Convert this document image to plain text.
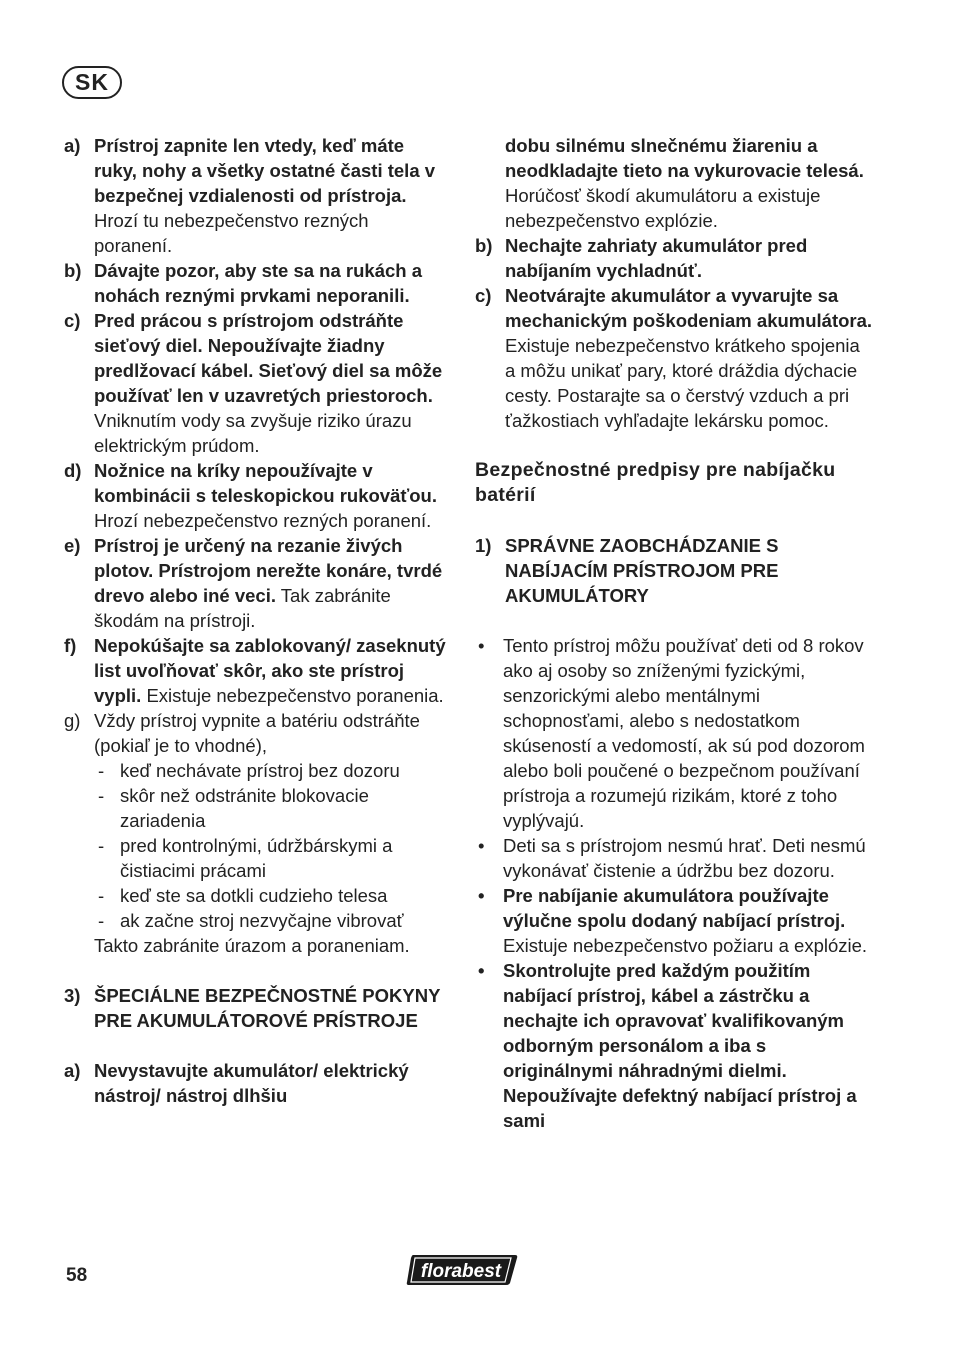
SK
a) Prístroj zapnite len vtedy, keď máte ruky, nohy a všetky ostatné časti tela v bezpečnej vzdialenosti od prístroja. Hrozí tu nebezpečenstvo rezných poranení.
b) Dávajte pozor, aby ste sa na rukách a nohách reznými prvkami neporanili.
c) Pred prácou s prístrojom odstráňte sieťový diel. Nepoužívajte žiadny predlžovací kábel. Sieťový diel sa môže používať len v uzavretých priestoroch. Vniknutím vody sa zvyšuje riziko úrazu elektrickým prúdom.
d) Nožnice na kríky nepoužívajte v kombinácii s teleskopickou rukoväťou. Hrozí nebezpečenstvo rezných poranení.
e) Prístroj je určený na rezanie živých plotov. Prístrojom nerežte konáre, tvrdé drevo alebo iné veci. Tak zabránite škodám na prístroji.
f) Nepokúšajte sa zablokovaný/ zaseknutý list uvoľňovať skôr, ako ste prístroj vypli. Existuje nebezpečenstvo poranenia.
g) Vždy prístroj vypnite a batériu odstráňte (pokiaľ je to vhodné),
- keď nechávate prístroj bez dozoru
- skôr než odstránite blokovacie zariadenia
- pred kontrolnými, údržbárskymi a čistiacimi prácami
- keď ste sa dotkli cudzieho telesa
- ak začne stroj nezvyčajne vibrovať
Takto zabránite úrazom a poraneniam.
3) ŠPECIÁLNE BEZPEČNOSTNÉ POKYNY PRE AKUMULÁTOROVÉ PRÍSTROJE
a) Nevystavujte akumulátor/ elektrický nástroj/ nástroj dlhšiu
dobu silnému slnečnému žiareniu a neodkladajte tieto na vykurovacie telesá. Horúčosť škodí akumulátoru a existuje nebezpečenstvo explózie.
b) Nechajte zahriaty akumulátor pred nabíjaním vychladnúť.
c) Neotvárajte akumulátor a vyvarujte sa mechanickým poškodeniam akumulátora. Existuje nebezpečenstvo krátkeho spojenia a môžu unikať pary, ktoré dráždia dýchacie cesty. Postarajte sa o čerstvý vzduch a pri ťažkostiach vyhľadajte lekársku pomoc.
Bezpečnostné predpisy pre nabíjačku batérií
1) SPRÁVNE ZAOBCHÁDZANIE S NABÍJACÍM PRÍSTROJOM PRE AKUMULÁTORY
•	Tento prístroj môžu používať deti od 8 rokov ako aj osoby so zníženými fyzickými, senzorickými alebo mentálnymi schopnosťami, alebo s nedostatkom skúseností a vedomostí, ak sú pod dozorom alebo boli poučené o bezpečnom používaní prístroja a rozumejú rizikám, ktoré z toho vyplývajú.
•	Deti sa s prístrojom nesmú hrať. Deti nesmú vykonávať čistenie a údržbu bez dozoru.
•	Pre nabíjanie akumulátora používajte výlučne spolu dodaný nabíjací prístroj. Existuje nebezpečenstvo požiaru a explózie.
•	Skontrolujte pred každým použitím nabíjací prístroj, kábel a zástrčku a nechajte ich opravovať kvalifikovaným odborným personálom a iba s originálnymi náhradnými dielmi. Nepoužívajte defektný nabíjací prístroj a sami
58	florabest
